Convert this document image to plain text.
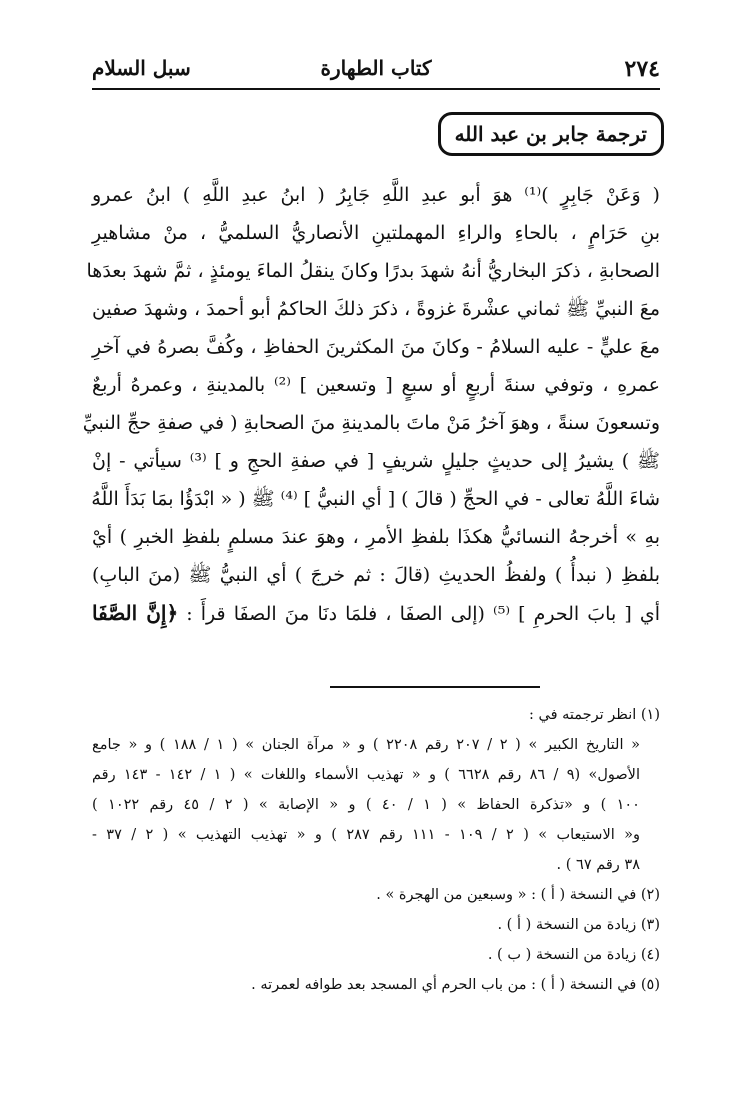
٢٧٤
كتاب الطهارة
سبل السلام
ترجمة جابر بن عبد الله
( وَعَنْ جَابِرٍ )⁽¹⁾ هوَ أبو عبدِ اللَّهِ جَابِرُ ( ابنُ عبدِ اللَّهِ ) ابنُ عمرو
بنِ حَرَامٍ ، بالحاءِ والراءِ المهملتينِ الأنصاريُّ السلميُّ ، منْ مشاهيرِ
الصحابةِ ، ذكرَ البخاريُّ أنهُ شهدَ بدرًا وكانَ ينقلُ الماءَ يومئذٍ ، ثمَّ شهدَ بعدَها
معَ النبيِّ ﷺ ثماني عشْرةَ غزوةً ، ذكرَ ذلكَ الحاكمُ أبو أحمدَ ، وشهدَ صفين
معَ عليٍّ - عليه السلامُ - وكانَ منَ المكثرينَ الحفاظِ ، وكُفَّ بصرهُ في آخرِ
عمرهِ ، وتوفي سنةَ أربعٍ أو سبعٍ [ وتسعين ] ⁽²⁾ بالمدينةِ ، وعمرهُ أربعٌ
وتسعونَ سنةً ، وهوَ آخرُ مَنْ ماتَ بالمدينةِ منَ الصحابةِ ( في صفةِ حجِّ النبيِّ
ﷺ ) يشيرُ إلى حديثٍ جليلٍ شريفٍ [ في صفةِ الحجِ و ] ⁽³⁾ سيأتي - إنْ
شاءَ اللَّهُ تعالى - في الحجِّ ( قالَ ) [ أي النبيُّ ] ⁽⁴⁾ ﷺ ( « ابْدَؤُا بمَا بَدَأَ اللَّهُ
بهِ » أخرجهُ النسائيُّ هكذَا بلفظِ الأمرِ ، وهوَ عندَ مسلمٍ بلفظِ الخبرِ ) أيْ
بلفظِ ( نبدأُ ) ولفظُ الحديثِ (قالَ : ثم خرجَ ) أي النبيُّ ﷺ (منَ البابِ)
أي [ بابَ الحرمِ ] ⁽⁵⁾ (إلى الصفَا ، فلمَا دنَا منَ الصفَا قرأَ : ﴿إِنَّ الصَّفَا
(١) انظر ترجمته في :
« التاريخ الكبير » ( ٢ / ٢٠٧ رقم ٢٢٠٨ ) و « مرآة الجنان » ( ١ / ١٨٨ ) و « جامع
الأصول» (٩ / ٨٦ رقم ٦٦٢٨ ) و « تهذيب الأسماء واللغات » ( ١ / ١٤٢ - ١٤٣ رقم
١٠٠ ) و «تذكرة الحفاظ » ( ١ / ٤٠ ) و « الإصابة » ( ٢ / ٤٥ رقم ١٠٢٢ )
و« الاستيعاب » ( ٢ / ١٠٩ - ١١١ رقم ٢٨٧ ) و « تهذيب التهذيب » ( ٢ / ٣٧ -
٣٨ رقم ٦٧ ) .
(٢) في النسخة ( أ ) : « وسبعين من الهجرة » .
(٣) زيادة من النسخة ( أ ) .
(٤) زيادة من النسخة ( ب ) .
(٥) في النسخة ( أ ) : من باب الحرم أي المسجد بعد طوافه لعمرته .
